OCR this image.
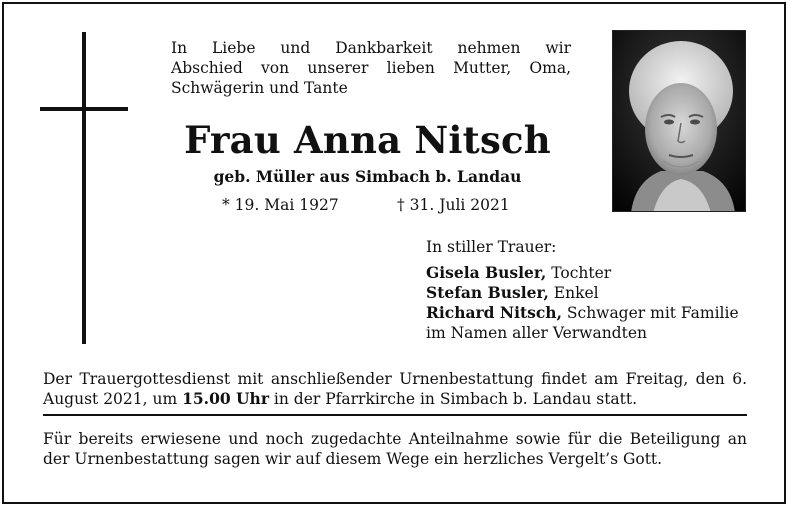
In Liebe und Dankbarkeit nehmen wir
Abschied von unserer lieben Mutter, Oma,
Schwägerin und Tante
Frau Anna Nitsch
geb. Müller aus Simbach b. Landau
* 19. Mai 1927	† 31. Juli 2021
In stiller Trauer:
Gisela Busler, Tochter
Stefan Busler, Enkel
Richard Nitsch, Schwager mit Familie
im Namen aller Verwandten
Der Trauergottesdienst mit anschließender Urnenbestattung findet am Freitag, den 6. August 2021, um 15.00 Uhr in der Pfarrkirche in Simbach b. Landau statt.
Für bereits erwiesene und noch zugedachte Anteilnahme sowie für die Beteiligung an der Urnenbestattung sagen wir auf diesem Wege ein herzliches Vergelt’s Gott.
